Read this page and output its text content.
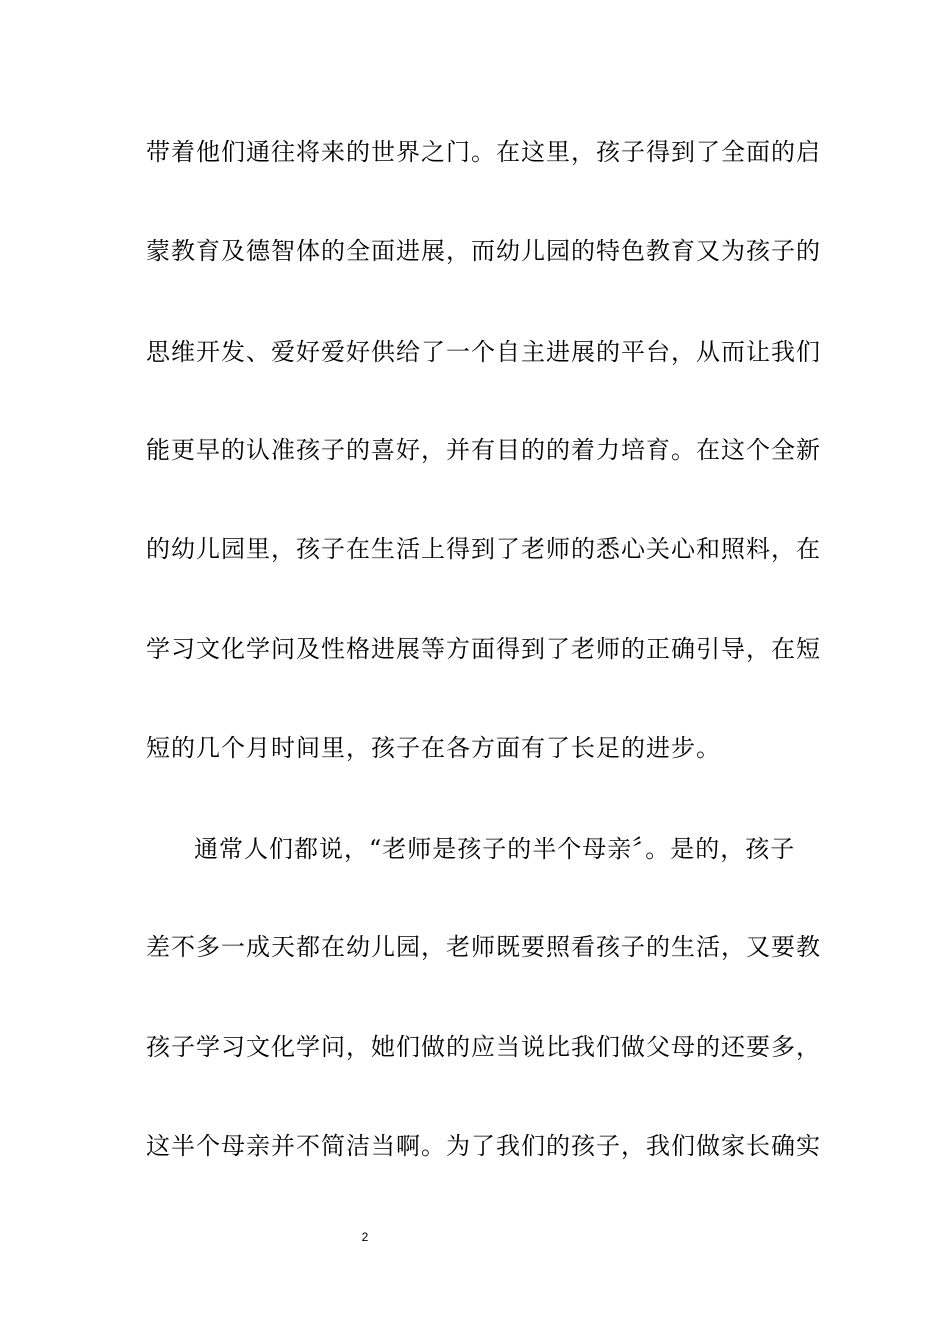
带着他们通往将来的世界之门。在这里，孩子得到了全面的启
蒙教育及德智体的全面进展，而幼儿园的特色教育又为孩子的
思维开发、爱好爱好供给了一个自主进展的平台，从而让我们
能更早的认准孩子的喜好，并有目的的着力培育。在这个全新
的幼儿园里，孩子在生活上得到了老师的悉心关心和照料，在
学习文化学问及性格进展等方面得到了老师的正确引导，在短
短的几个月时间里，孩子在各方面有了长足的进步。
通常人们都说，“老师是孩子的半个母亲〞。是的，孩子
差不多一成天都在幼儿园，老师既要照看孩子的生活，又要教
孩子学习文化学问，她们做的应当说比我们做父母的还要多，
这半个母亲并不简洁当啊。为了我们的孩子，我们做家长确实
2
